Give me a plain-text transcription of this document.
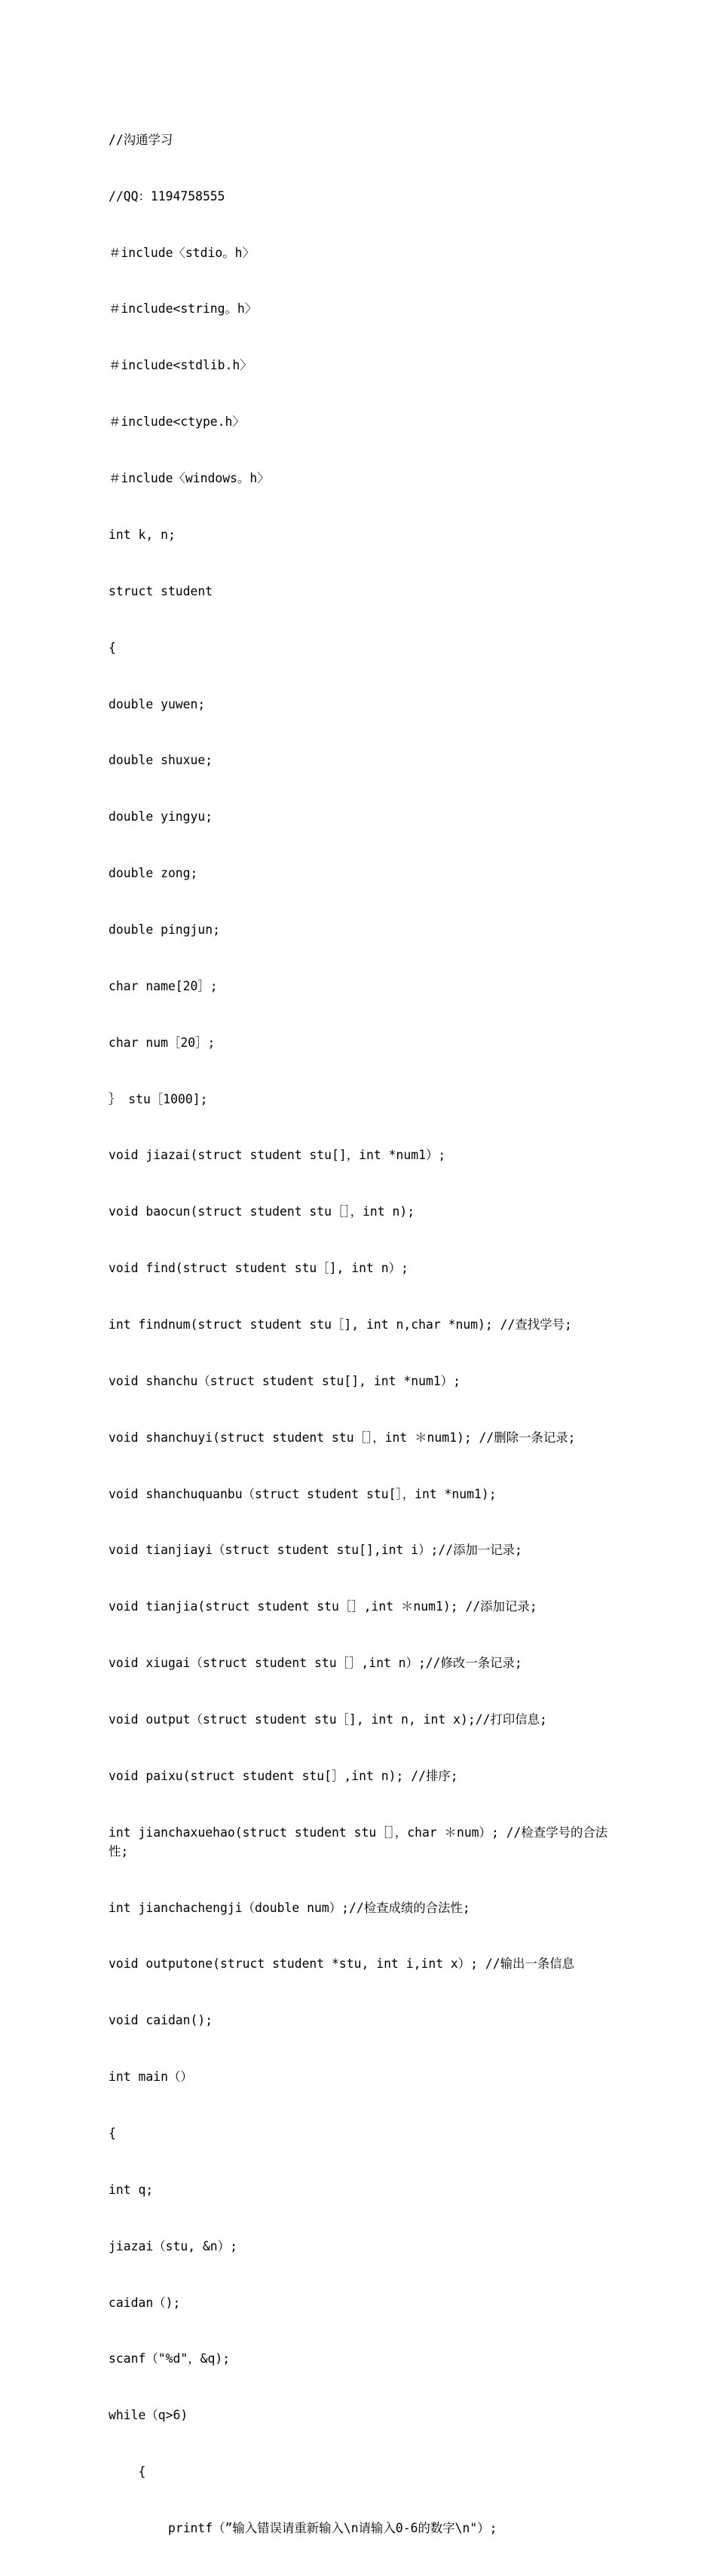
//沟通学习

//QQ：1194758555

＃include〈stdio。h〉

＃include<string。h〉

＃include<stdlib.h〉

＃include<ctype.h〉

＃include〈windows。h〉

int k, n;

struct student

{

double yuwen;

double shuxue;

double yingyu;

double zong;

double pingjun;

char name[20］;

char num［20］;

｝ stu［1000];

void jiazai(struct student stu[]，int *num1）;

void baocun(struct student stu［］，int n);

void find(struct student stu［], int n）;

int findnum(struct student stu［], int n,char *num); //查找学号;

void shanchu（struct student stu[], int *num1）;

void shanchuyi(struct student stu［］，int ＊num1); //删除一条记录;

void shanchuquanbu（struct student stu[］，int *num1);

void tianjiayi（struct student stu[],int i）;//添加一记录;

void tianjia(struct student stu［］,int ＊num1); //添加记录;

void xiugai（struct student stu［］,int n）;//修改一条记录;

void output（struct student stu［], int n, int x);//打印信息;

void paixu(struct student stu[］,int n); //排序;

int jianchaxuehao(struct student stu［］，char ＊num）; //检查学号的合法性;

int jianchachengji（double num）;//检查成绩的合法性;

void outputone(struct student *stu, int i,int x）; //输出一条信息

void caidan();

int main（）

{

int q;

jiazai（stu, &n）;

caidan（);

scanf（"%d"，&q);

while（q>6)

{

printf（”输入错误请重新输入\n请输入0-6的数字\n"）;
